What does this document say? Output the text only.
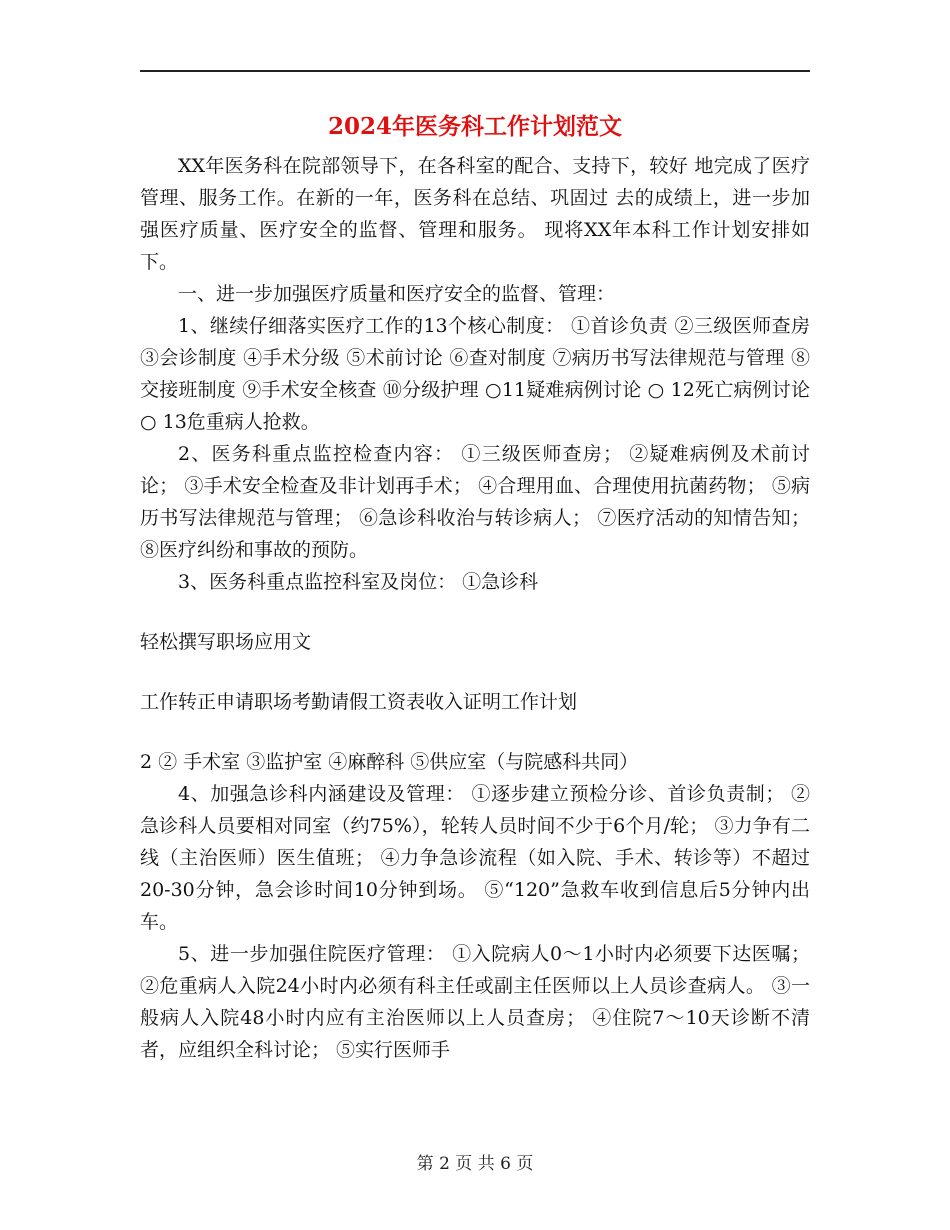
2024年医务科工作计划范文

XX年医务科在院部领导下，在各科室的配合、支持下，较好 地完成了医疗管理、服务工作。在新的一年，医务科在总结、巩固过 去的成绩上，进一步加强医疗质量、医疗安全的监督、管理和服务。 现将XX年本科工作计划安排如下。

一、进一步加强医疗质量和医疗安全的监督、管理：

1、继续仔细落实医疗工作的13个核心制度： ①首诊负责 ②三级医师查房 ③会诊制度 ④手术分级 ⑤术前讨论 ⑥查对制度 ⑦病历书写法律规范与管理 ⑧交接班制度 ⑨手术安全核查 ⑩分级护理 ○11疑难病例讨论 ○ 12死亡病例讨论 ○ 13危重病人抢救。

2、医务科重点监控检查内容： ①三级医师查房； ②疑难病例及术前讨论； ③手术安全检查及非计划再手术； ④合理用血、合理使用抗菌药物； ⑤病历书写法律规范与管理； ⑥急诊科收治与转诊病人； ⑦医疗活动的知情告知； ⑧医疗纠纷和事故的预防。

3、医务科重点监控科室及岗位： ①急诊科

轻松撰写职场应用文

工作转正申请职场考勤请假工资表收入证明工作计划

2 ② 手术室 ③监护室 ④麻醉科 ⑤供应室（与院感科共同）

4、加强急诊科内涵建设及管理： ①逐步建立预检分诊、首诊负责制； ②急诊科人员要相对同室（约75%），轮转人员时间不少于6个月/轮； ③力争有二线（主治医师）医生值班； ④力争急诊流程（如入院、手术、转诊等）不超过20-30分钟，急会诊时间10分钟到场。 ⑤“120”急救车收到信息后5分钟内出车。

5、进一步加强住院医疗管理： ①入院病人0～1小时内必须要下达医嘱； ②危重病人入院24小时内必须有科主任或副主任医师以上人员诊查病人。 ③一般病人入院48小时内应有主治医师以上人员查房； ④住院7～10天诊断不清者，应组织全科讨论； ⑤实行医师手

第 2 页 共 6 页
